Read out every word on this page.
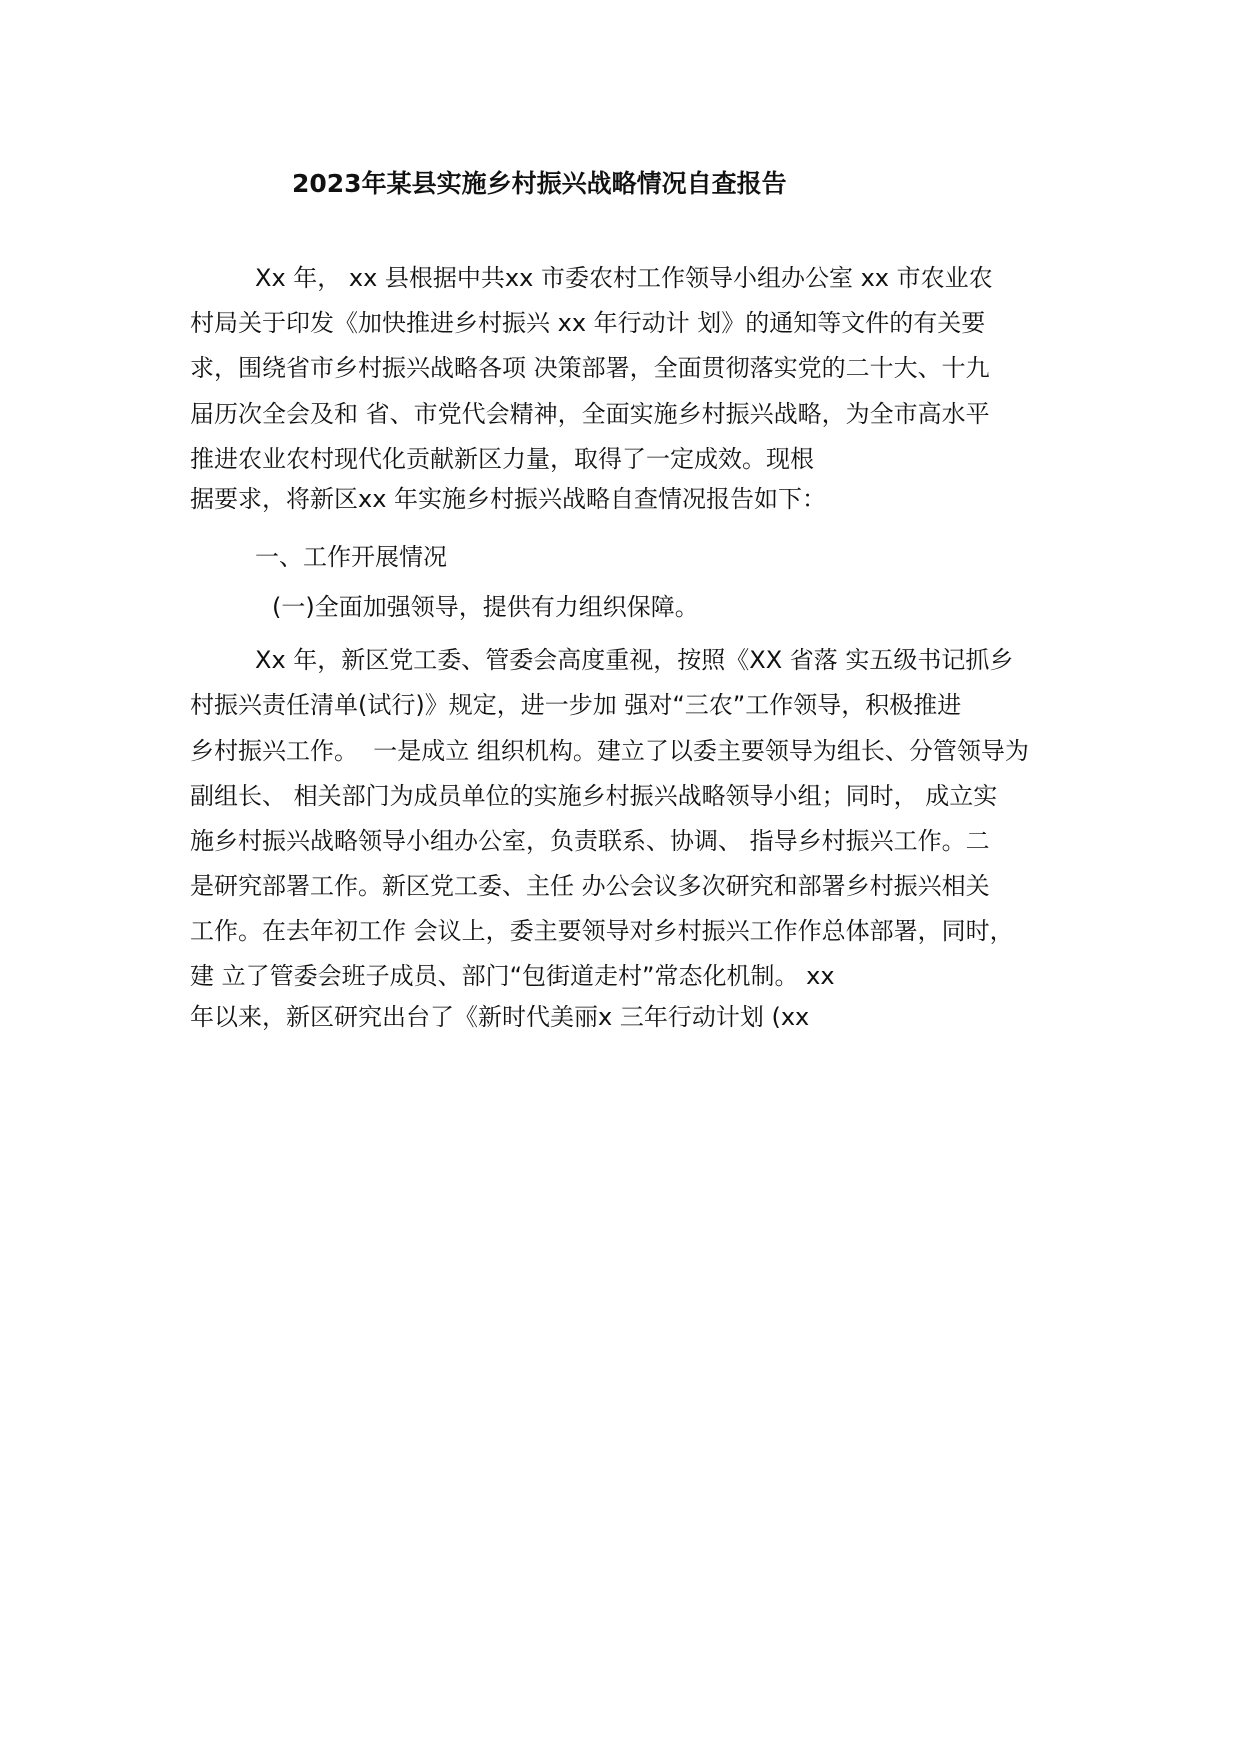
2023年某县实施乡村振兴战略情况自查报告
Xx 年， xx 县根据中共xx 市委农村工作领导小组办公室 xx 市农业农
村局关于印发《加快推进乡村振兴 xx 年行动计 划》的通知等文件的有关要
求，围绕省市乡村振兴战略各项 决策部署，全面贯彻落实党的二十大、十九
届历次全会及和 省、市党代会精神，全面实施乡村振兴战略，为全市高水平
推进农业农村现代化贡献新区力量，取得了一定成效。现根
据要求，将新区xx 年实施乡村振兴战略自查情况报告如下：
一、工作开展情况
(一)全面加强领导，提供有力组织保障。
Xx 年，新区党工委、管委会高度重视，按照《XX 省落 实五级书记抓乡
村振兴责任清单(试行)》规定，进一步加 强对“三农”工作领导，积极推进
乡村振兴工作。  一是成立 组织机构。建立了以委主要领导为组长、分管领导为
副组长、 相关部门为成员单位的实施乡村振兴战略领导小组；同时， 成立实
施乡村振兴战略领导小组办公室，负责联系、协调、 指导乡村振兴工作。二
是研究部署工作。新区党工委、主任 办公会议多次研究和部署乡村振兴相关
工作。在去年初工作 会议上，委主要领导对乡村振兴工作作总体部署，同时，
建 立了管委会班子成员、部门“包街道走村”常态化机制。 xx
年以来，新区研究出台了《新时代美丽x 三年行动计划 (xx
